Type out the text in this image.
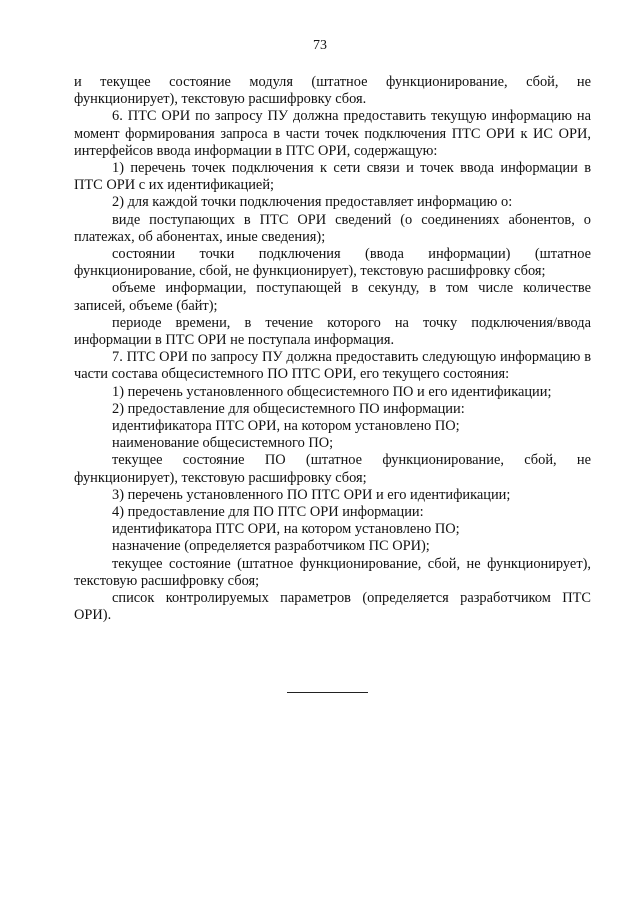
73

и текущее состояние модуля (штатное функционирование, сбой, не функционирует), текстовую расшифровку сбоя.

6. ПТС ОРИ по запросу ПУ должна предоставить текущую информацию на момент формирования запроса в части точек подключения ПТС ОРИ к ИС ОРИ, интерфейсов ввода информации в ПТС ОРИ, содержащую:

1) перечень точек подключения к сети связи и точек ввода информации в ПТС ОРИ с их идентификацией;

2) для каждой точки подключения предоставляет информацию о:

виде поступающих в ПТС ОРИ сведений (о соединениях абонентов, о платежах, об абонентах, иные сведения);

состоянии точки подключения (ввода информации) (штатное функционирование, сбой, не функционирует), текстовую расшифровку сбоя;

объеме информации, поступающей в секунду, в том числе количестве записей, объеме (байт);

периоде времени, в течение которого на точку подключения/ввода информации в ПТС ОРИ не поступала информация.

7. ПТС ОРИ по запросу ПУ должна предоставить следующую информацию в части состава общесистемного ПО ПТС ОРИ, его текущего состояния:

1) перечень установленного общесистемного ПО и его идентификации;

2) предоставление для общесистемного ПО информации:

идентификатора ПТС ОРИ, на котором установлено ПО;

наименование общесистемного ПО;

текущее состояние ПО (штатное функционирование, сбой, не функционирует), текстовую расшифровку сбоя;

3) перечень установленного ПО ПТС ОРИ и его идентификации;

4) предоставление для ПО ПТС ОРИ информации:

идентификатора ПТС ОРИ, на котором установлено ПО;

назначение (определяется разработчиком ПС ОРИ);

текущее состояние (штатное функционирование, сбой, не функционирует), текстовую расшифровку сбоя;

список контролируемых параметров (определяется разработчиком ПТС ОРИ).
